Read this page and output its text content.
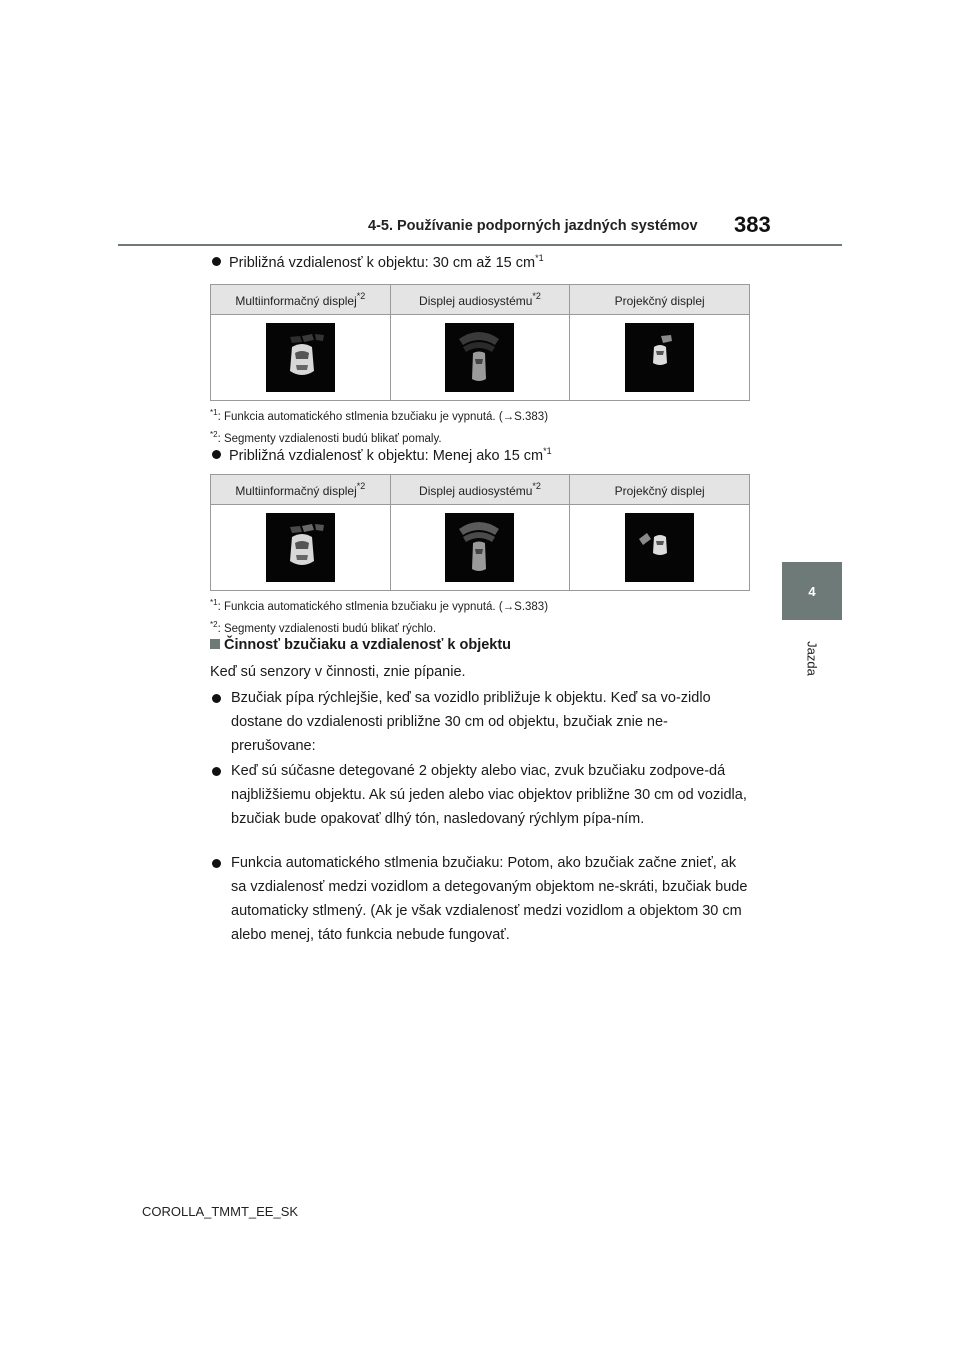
4-5. Používanie podporných jazdných systémov 383
4
Jazda
Približná vzdialenosť k objektu: 30 cm až 15 $cm^{*1}$
Multiinformačný displej$^{*2}$	Displej audiosystému$^{*2}$	Projekčný displej

$^{*1}$: Funkcia automatického stlmenia bzučiaku je vypnutá. (→S.383)
$^{*2}$: Segmenty vzdialenosti budú blikať pomaly.
Približná vzdialenosť k objektu: Menej ako 15 $cm^{*1}$
Multiinformačný displej$^{*2}$	Displej audiosystému$^{*2}$	Projekčný displej

$^{*1}$: Funkcia automatického stlmenia bzučiaku je vypnutá. (→S.383)
$^{*2}$: Segmenty vzdialenosti budú blikať rýchlo.
Činnosť bzučiaku a vzdialenosť k objektu
Keď sú senzory v činnosti, znie pípanie.
Bzučiak pípa rýchlejšie, keď sa vozidlo približuje k objektu. Keď sa vo-zidlo dostane do vzdialenosti približne 30 cm od objektu, bzučiak znie ne-prerušovane:
Keď sú súčasne detegované 2 objekty alebo viac, zvuk bzučiaku zodpove-dá najbližšiemu objektu. Ak sú jeden alebo viac objektov približne 30 cm od vozidla, bzučiak bude opakovať dlhý tón, nasledovaný rýchlym pípa-ním.
Funkcia automatického stlmenia bzučiaku: Potom, ako bzučiak začne znieť, ak sa vzdialenosť medzi vozidlom a detegovaným objektom ne-skráti, bzučiak bude automaticky stlmený. (Ak je však vzdialenosť medzi vozidlom a objektom 30 cm alebo menej, táto funkcia nebude fungovať.
COROLLA_TMMT_EE_SK
